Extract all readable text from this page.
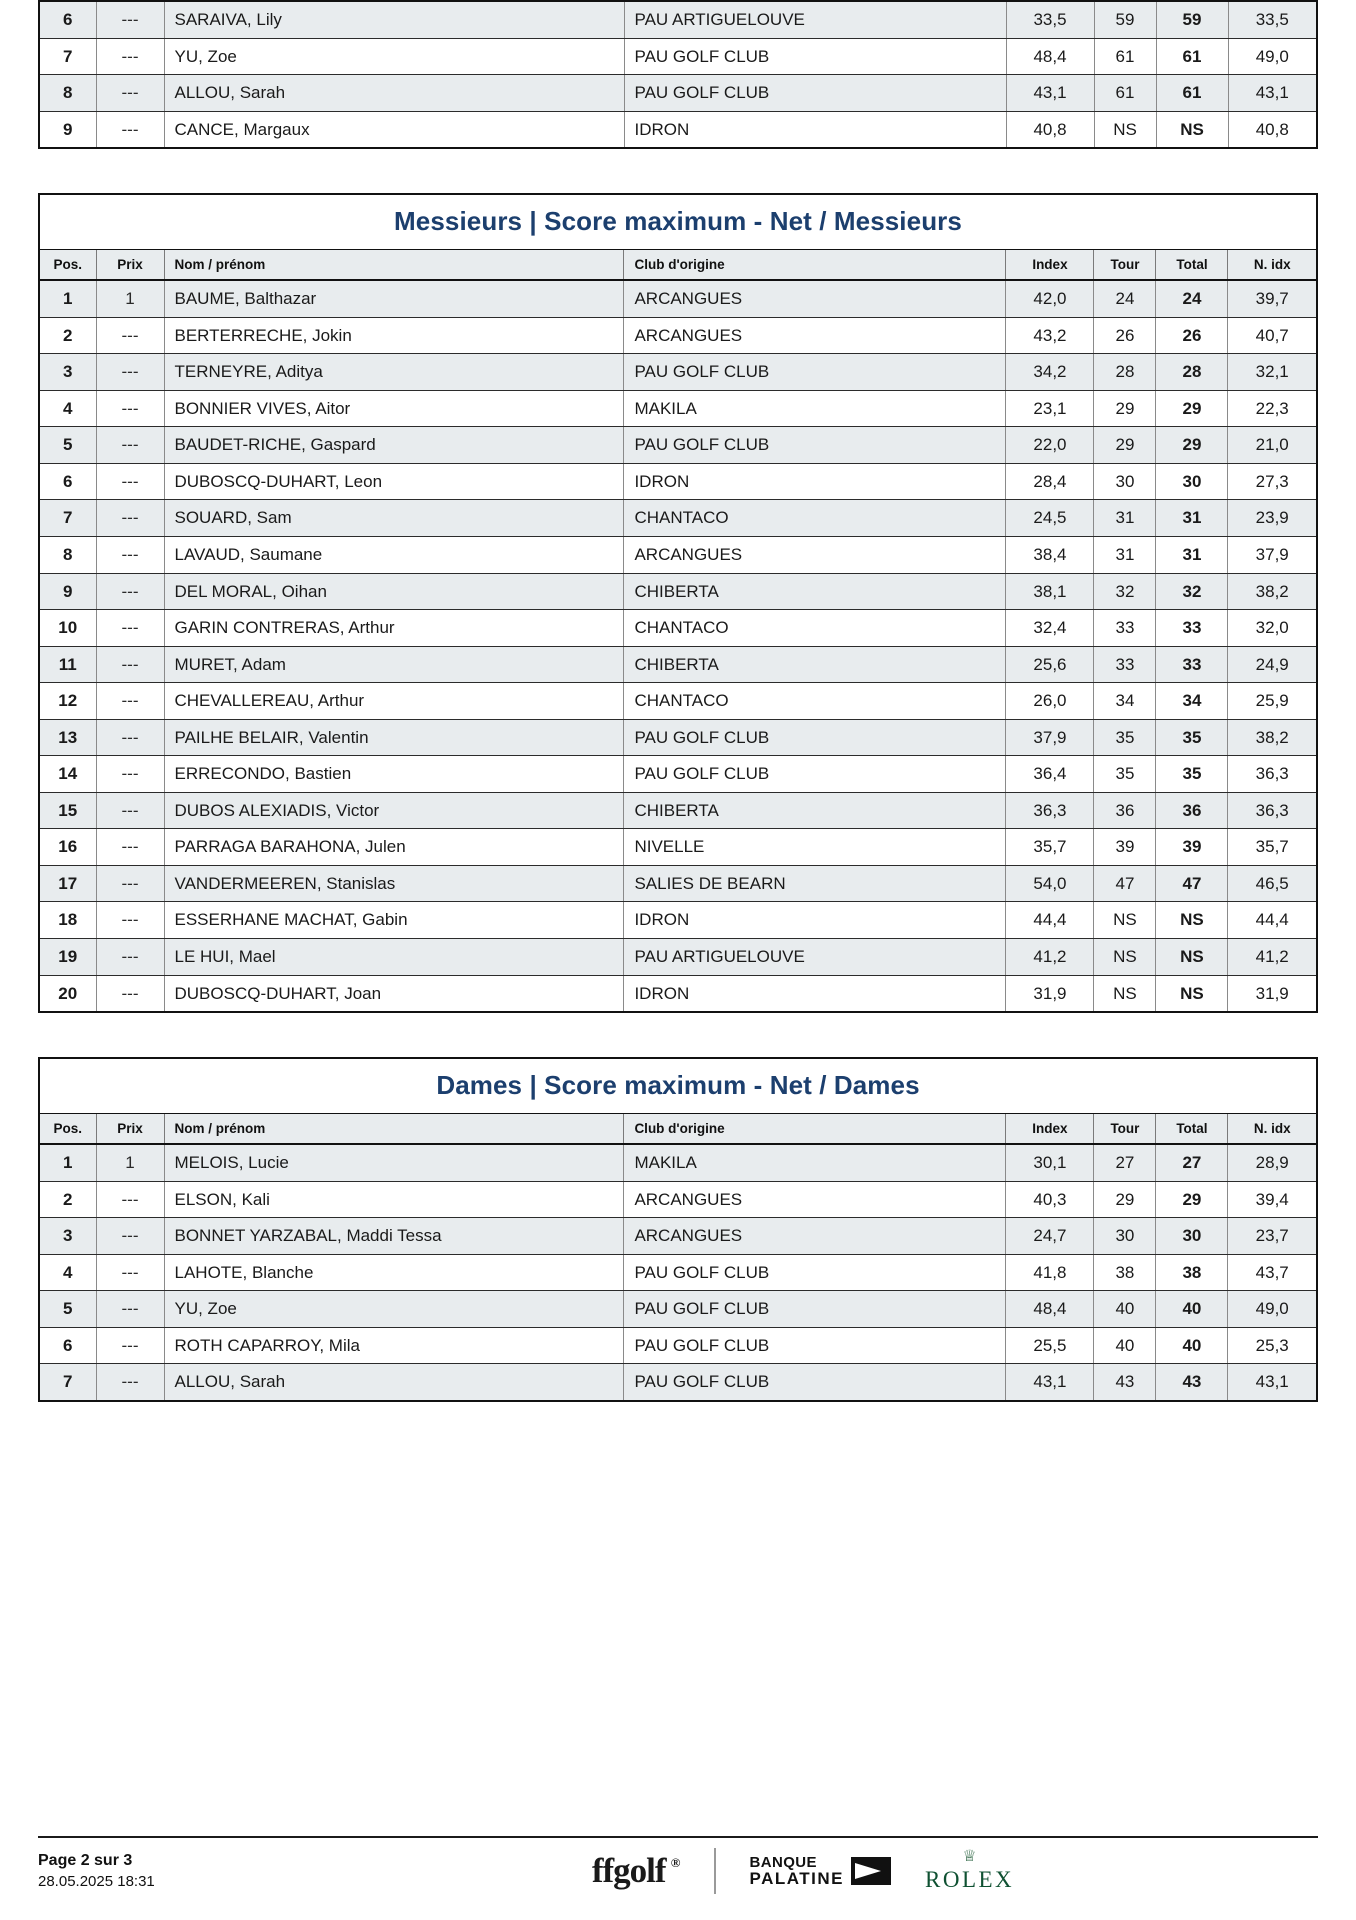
6	---	SARAIVA, Lily	PAU ARTIGUELOUVE	33,5	59	59	33,5
7	---	YU, Zoe	PAU GOLF CLUB	48,4	61	61	49,0
8	---	ALLOU, Sarah	PAU GOLF CLUB	43,1	61	61	43,1
9	---	CANCE, Margaux	IDRON	40,8	NS	NS	40,8
Messieurs | Score maximum - Net / Messieurs							
Pos.	Prix	Nom / prénom	Club d'origine	Index	Tour	Total	N. idx
1	1	BAUME, Balthazar	ARCANGUES	42,0	24	24	39,7
2	---	BERTERRECHE, Jokin	ARCANGUES	43,2	26	26	40,7
3	---	TERNEYRE, Aditya	PAU GOLF CLUB	34,2	28	28	32,1
4	---	BONNIER VIVES, Aitor	MAKILA	23,1	29	29	22,3
5	---	BAUDET-RICHE, Gaspard	PAU GOLF CLUB	22,0	29	29	21,0
6	---	DUBOSCQ-DUHART, Leon	IDRON	28,4	30	30	27,3
7	---	SOUARD, Sam	CHANTACO	24,5	31	31	23,9
8	---	LAVAUD, Saumane	ARCANGUES	38,4	31	31	37,9
9	---	DEL MORAL, Oihan	CHIBERTA	38,1	32	32	38,2
10	---	GARIN CONTRERAS, Arthur	CHANTACO	32,4	33	33	32,0
11	---	MURET, Adam	CHIBERTA	25,6	33	33	24,9
12	---	CHEVALLEREAU, Arthur	CHANTACO	26,0	34	34	25,9
13	---	PAILHE BELAIR, Valentin	PAU GOLF CLUB	37,9	35	35	38,2
14	---	ERRECONDO, Bastien	PAU GOLF CLUB	36,4	35	35	36,3
15	---	DUBOS ALEXIADIS, Victor	CHIBERTA	36,3	36	36	36,3
16	---	PARRAGA BARAHONA, Julen	NIVELLE	35,7	39	39	35,7
17	---	VANDERMEEREN, Stanislas	SALIES DE BEARN	54,0	47	47	46,5
18	---	ESSERHANE MACHAT, Gabin	IDRON	44,4	NS	NS	44,4
19	---	LE HUI, Mael	PAU ARTIGUELOUVE	41,2	NS	NS	41,2
20	---	DUBOSCQ-DUHART, Joan	IDRON	31,9	NS	NS	31,9
Dames | Score maximum - Net / Dames							
Pos.	Prix	Nom / prénom	Club d'origine	Index	Tour	Total	N. idx
1	1	MELOIS, Lucie	MAKILA	30,1	27	27	28,9
2	---	ELSON, Kali	ARCANGUES	40,3	29	29	39,4
3	---	BONNET YARZABAL, Maddi Tessa	ARCANGUES	24,7	30	30	23,7
4	---	LAHOTE, Blanche	PAU GOLF CLUB	41,8	38	38	43,7
5	---	YU, Zoe	PAU GOLF CLUB	48,4	40	40	49,0
6	---	ROTH CAPARROY, Mila	PAU GOLF CLUB	25,5	40	40	25,3
7	---	ALLOU, Sarah	PAU GOLF CLUB	43,1	43	43	43,1
Page 2 sur 3
28.05.2025 18:31	ffgolf ®	BANQUE
PALATINE
♕
ROLEX
